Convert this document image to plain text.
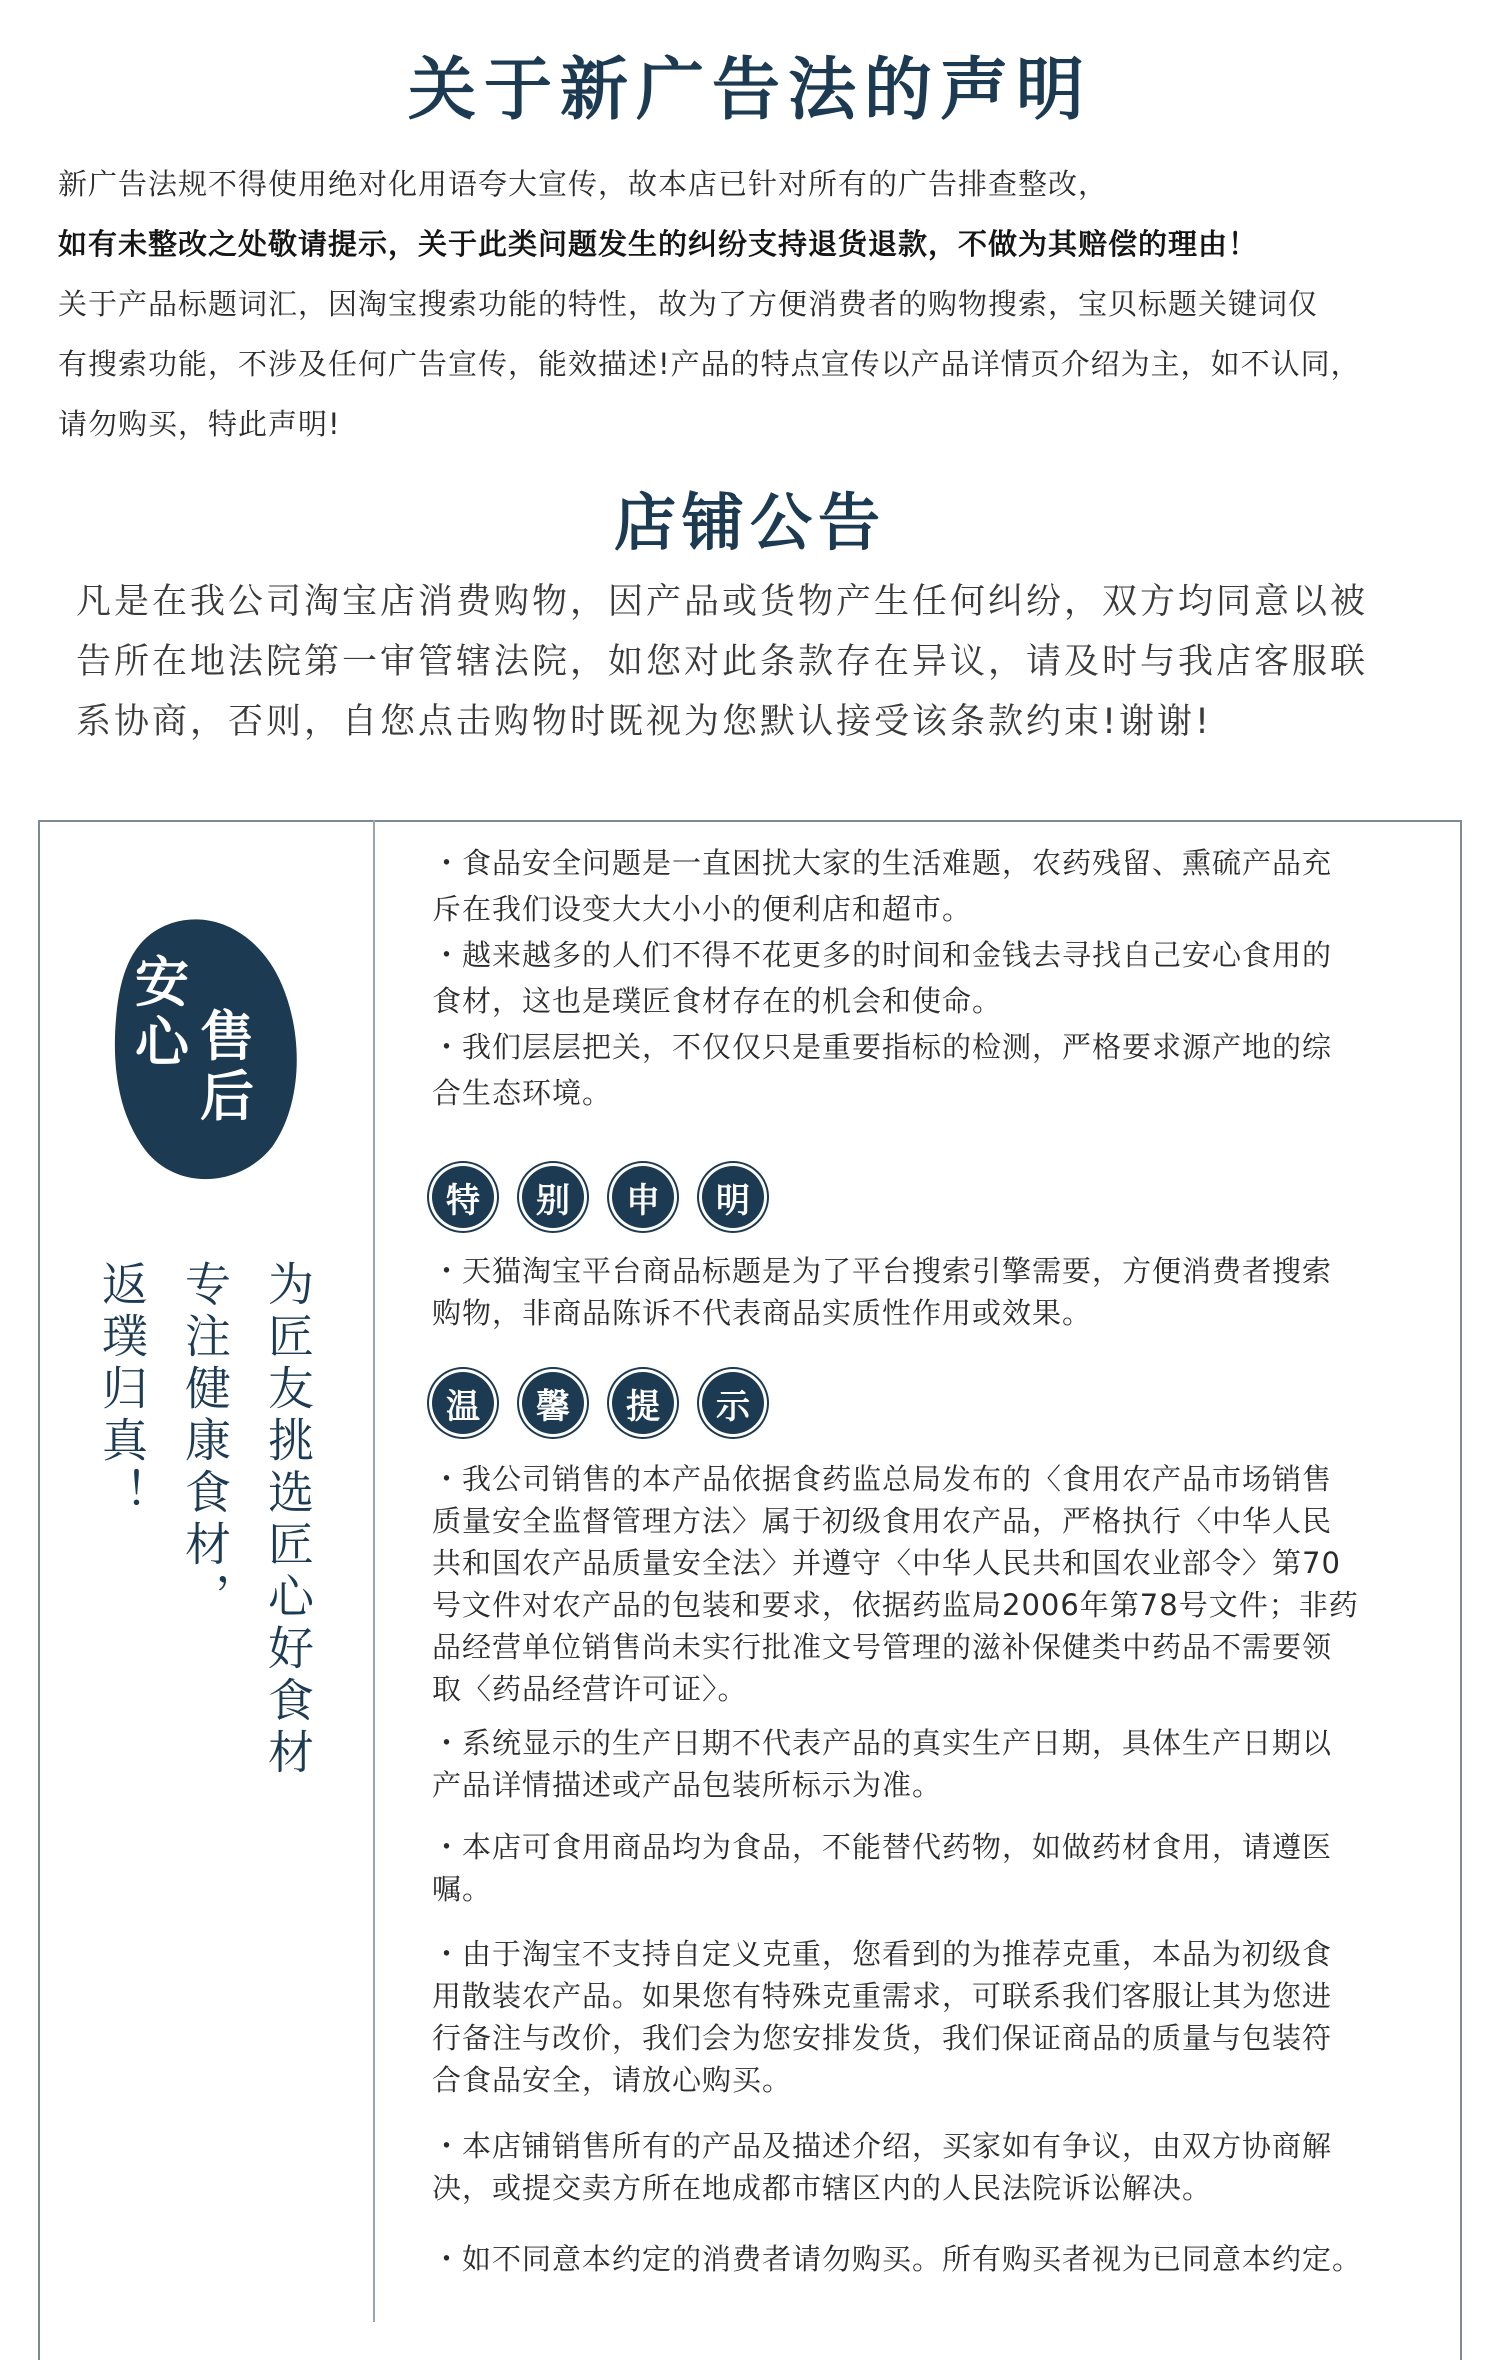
关于新广告法的声明

新广告法规不得使用绝对化用语夸大宣传，故本店已针对所有的广告排查整改，

如有未整改之处敬请提示，关于此类问题发生的纠纷支持退货退款，不做为其赔偿的理由！

关于产品标题词汇，因淘宝搜索功能的特性，故为了方便消费者的购物搜索，宝贝标题关键词仅

有搜索功能，不涉及任何广告宣传，能效描述!产品的特点宣传以产品详情页介绍为主，如不认同，

请勿购买，特此声明!

店铺公告

凡是在我公司淘宝店消费购物，因产品或货物产生任何纠纷，双方均同意以被

告所在地法院第一审管辖法院，如您对此条款存在异议，请及时与我店客服联

系协商，否则，自您点击购物时既视为您默认接受该条款约束!谢谢!

安
心 售
后
为匠友挑选匠心好食材
专注健康食材，
返璞归真！

・食品安全问题是一直困扰大家的生活难题，农药残留、熏硫产品充

斥在我们设变大大小小的便利店和超市。

・越来越多的人们不得不花更多的时间和金钱去寻找自己安心食用的

食材，这也是璞匠食材存在的机会和使命。

・我们层层把关，不仅仅只是重要指标的检测，严格要求源产地的综

合生态环境。

特	别	申	明

・天猫淘宝平台商品标题是为了平台搜索引擎需要，方便消费者搜索

购物，非商品陈诉不代表商品实质性作用或效果。

温	馨	提	示

・我公司销售的本产品依据食药监总局发布的〈食用农产品市场销售

质量安全监督管理方法〉属于初级食用农产品，严格执行〈中华人民

共和国农产品质量安全法〉并遵守〈中华人民共和国农业部令〉第70

号文件对农产品的包装和要求，依据药监局2006年第78号文件；非药

品经营单位销售尚未实行批准文号管理的滋补保健类中药品不需要领

取〈药品经营许可证〉。

・系统显示的生产日期不代表产品的真实生产日期，具体生产日期以

产品详情描述或产品包装所标示为准。

・本店可食用商品均为食品，不能替代药物，如做药材食用，请遵医

嘱。

・由于淘宝不支持自定义克重，您看到的为推荐克重，本品为初级食

用散装农产品。如果您有特殊克重需求，可联系我们客服让其为您进

行备注与改价，我们会为您安排发货，我们保证商品的质量与包装符

合食品安全，请放心购买。

・本店铺销售所有的产品及描述介绍，买家如有争议，由双方协商解

决，或提交卖方所在地成都市辖区内的人民法院诉讼解决。

・如不同意本约定的消费者请勿购买。所有购买者视为已同意本约定。
